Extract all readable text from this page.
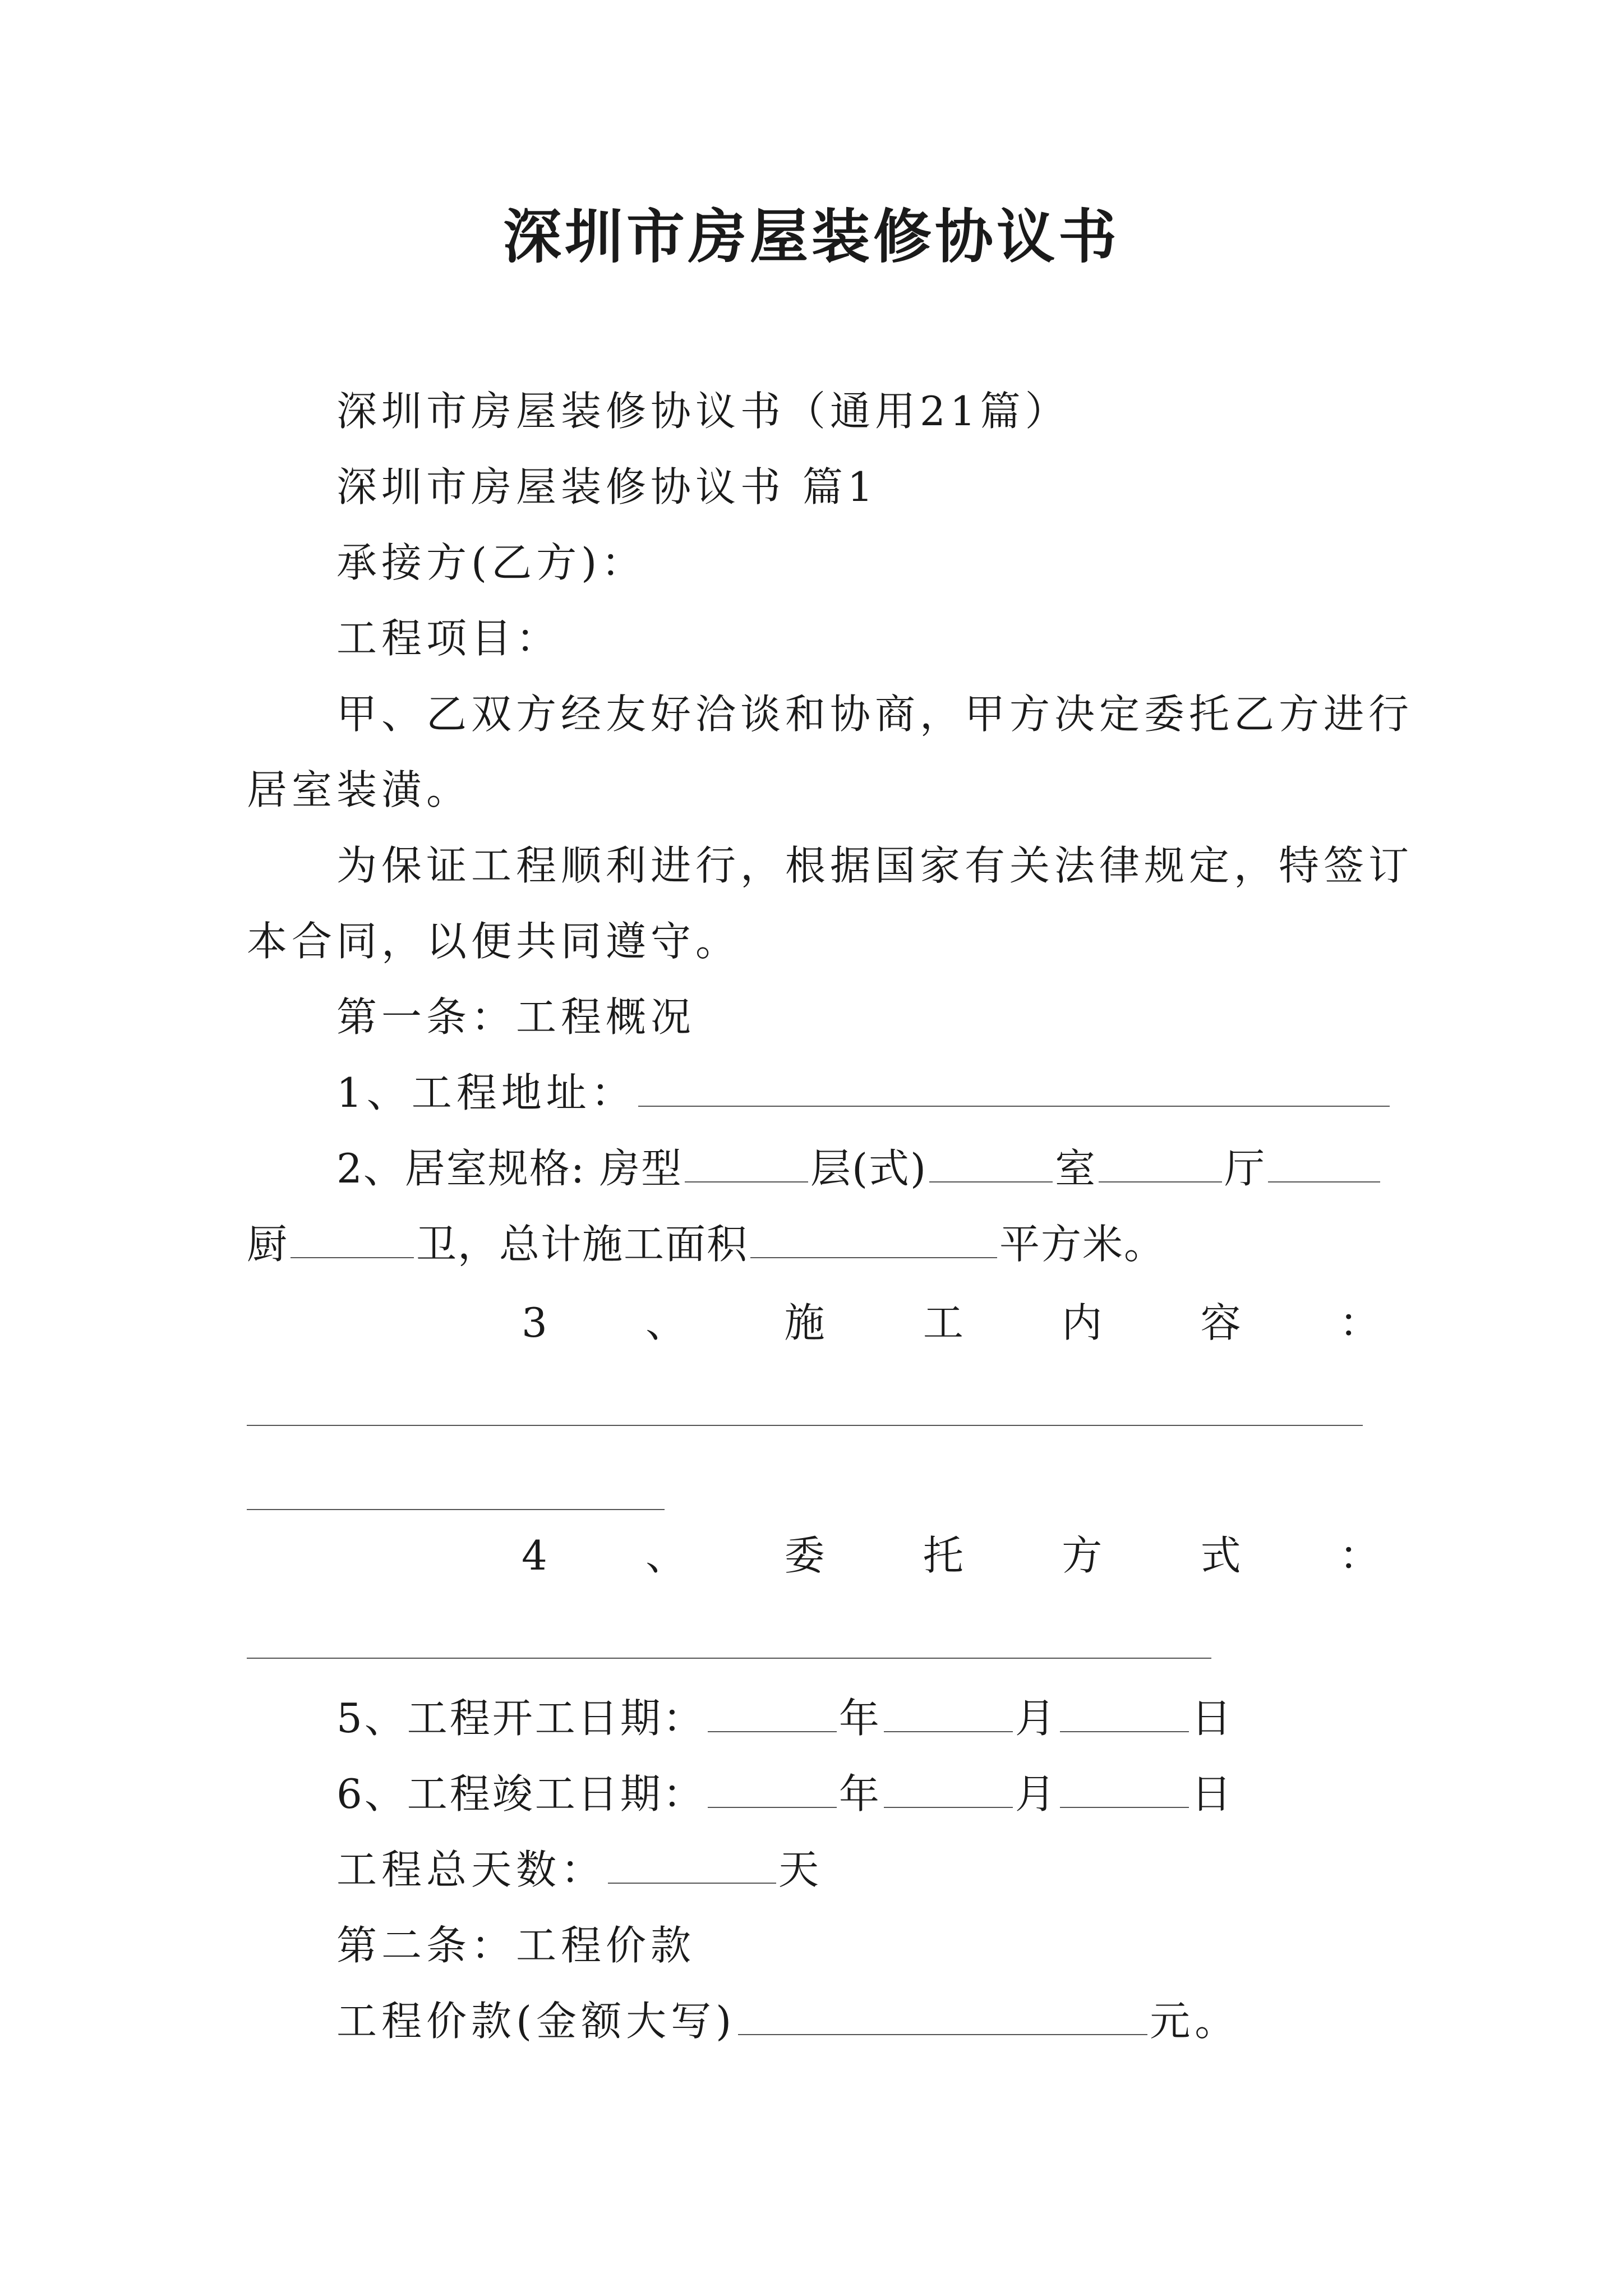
深圳市房屋装修协议书
深圳市房屋装修协议书（通用21篇）
深圳市房屋装修协议书 篇1
承接方(乙方)：
工程项目：
甲、乙双方经友好洽谈和协商，甲方决定委托乙方进行
居室装潢。
为保证工程顺利进行，根据国家有关法律规定，特签订
本合同，以便共同遵守。
第一条：工程概况
1、工程地址：
2、居室规格: 房型	层(式)	室	厅
厨	卫，总计施工面积	平方米。
3 、 施 工 内 容 ：
4 、 委 托 方 式 ：
5、工程开工日期：	年	月	日
6、工程竣工日期：	年	月	日
工程总天数：	天
第二条：工程价款
工程价款(金额大写)	元。
